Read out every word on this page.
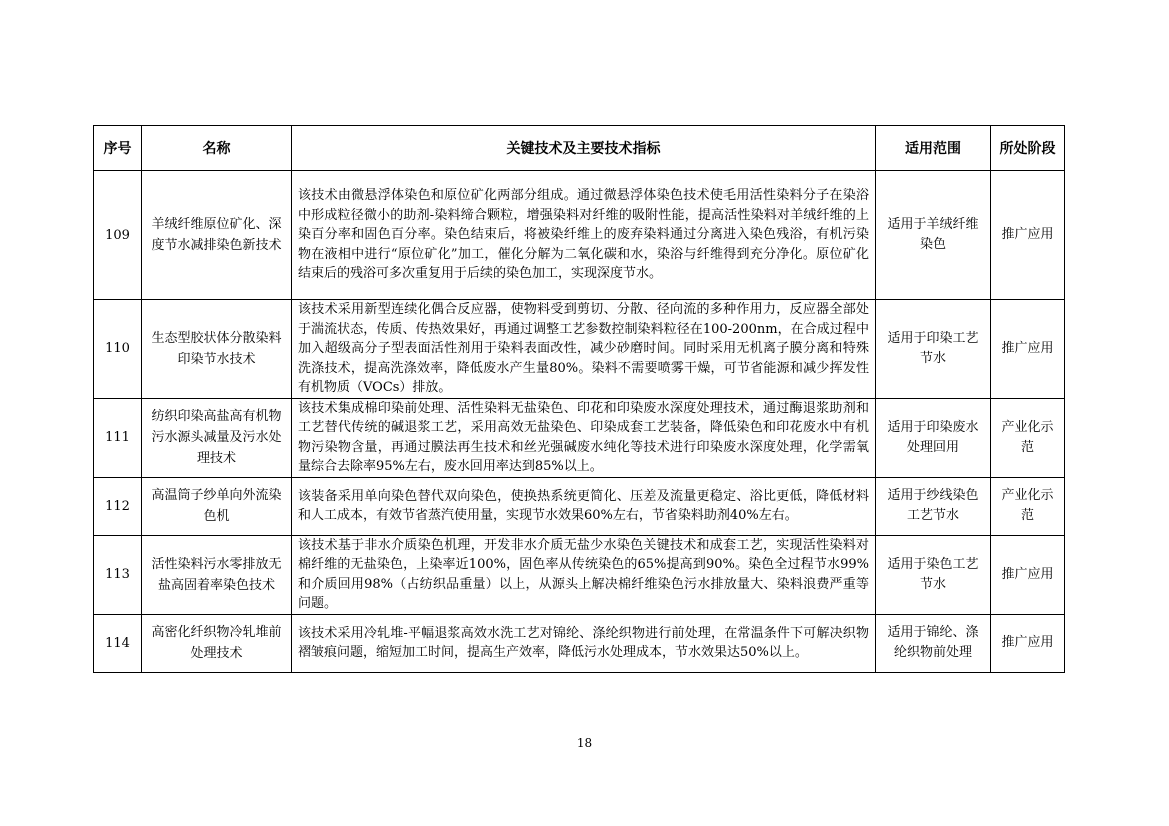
序号	名称	关键技术及主要技术指标	适用范围	所处阶段
109	羊绒纤维原位矿化、深度节水减排染色新技术	该技术由微悬浮体染色和原位矿化两部分组成。通过微悬浮体染色技术使毛用活性染料分子在染浴中形成粒径微小的助剂-染料缔合颗粒，增强染料对纤维的吸附性能，提高活性染料对羊绒纤维的上染百分率和固色百分率。染色结束后，将被染纤维上的废弃染料通过分离进入染色残浴，有机污染物在液相中进行“原位矿化”加工，催化分解为二氧化碳和水，染浴与纤维得到充分净化。原位矿化结束后的残浴可多次重复用于后续的染色加工，实现深度节水。	适用于羊绒纤维染色	推广应用
110	生态型胶状体分散染料印染节水技术	该技术采用新型连续化偶合反应器，使物料受到剪切、分散、径向流的多种作用力，反应器全部处于湍流状态，传质、传热效果好，再通过调整工艺参数控制染料粒径在100-200nm，在合成过程中加入超级高分子型表面活性剂用于染料表面改性，减少砂磨时间。同时采用无机离子膜分离和特殊洗涤技术，提高洗涤效率，降低废水产生量80%。染料不需要喷雾干燥，可节省能源和减少挥发性有机物质（VOCs）排放。	适用于印染工艺节水	推广应用
111	纺织印染高盐高有机物污水源头减量及污水处理技术	该技术集成棉印染前处理、活性染料无盐染色、印花和印染废水深度处理技术，通过酶退浆助剂和工艺替代传统的碱退浆工艺，采用高效无盐染色、印染成套工艺装备，降低染色和印花废水中有机物污染物含量，再通过膜法再生技术和丝光强碱废水纯化等技术进行印染废水深度处理，化学需氧量综合去除率95%左右，废水回用率达到85%以上。	适用于印染废水处理回用	产业化示范
112	高温筒子纱单向外流染色机	该装备采用单向染色替代双向染色，使换热系统更简化、压差及流量更稳定、浴比更低，降低材料和人工成本，有效节省蒸汽使用量，实现节水效果60%左右，节省染料助剂40%左右。	适用于纱线染色工艺节水	产业化示范
113	活性染料污水零排放无盐高固着率染色技术	该技术基于非水介质染色机理，开发非水介质无盐少水染色关键技术和成套工艺，实现活性染料对棉纤维的无盐染色，上染率近100%，固色率从传统染色的65%提高到90%。染色全过程节水99%和介质回用98%（占纺织品重量）以上，从源头上解决棉纤维染色污水排放量大、染料浪费严重等问题。	适用于染色工艺节水	推广应用
114	高密化纤织物冷轧堆前处理技术	该技术采用冷轧堆-平幅退浆高效水洗工艺对锦纶、涤纶织物进行前处理，在常温条件下可解决织物褶皱痕问题，缩短加工时间，提高生产效率，降低污水处理成本，节水效果达50%以上。	适用于锦纶、涤纶织物前处理	推广应用
18
